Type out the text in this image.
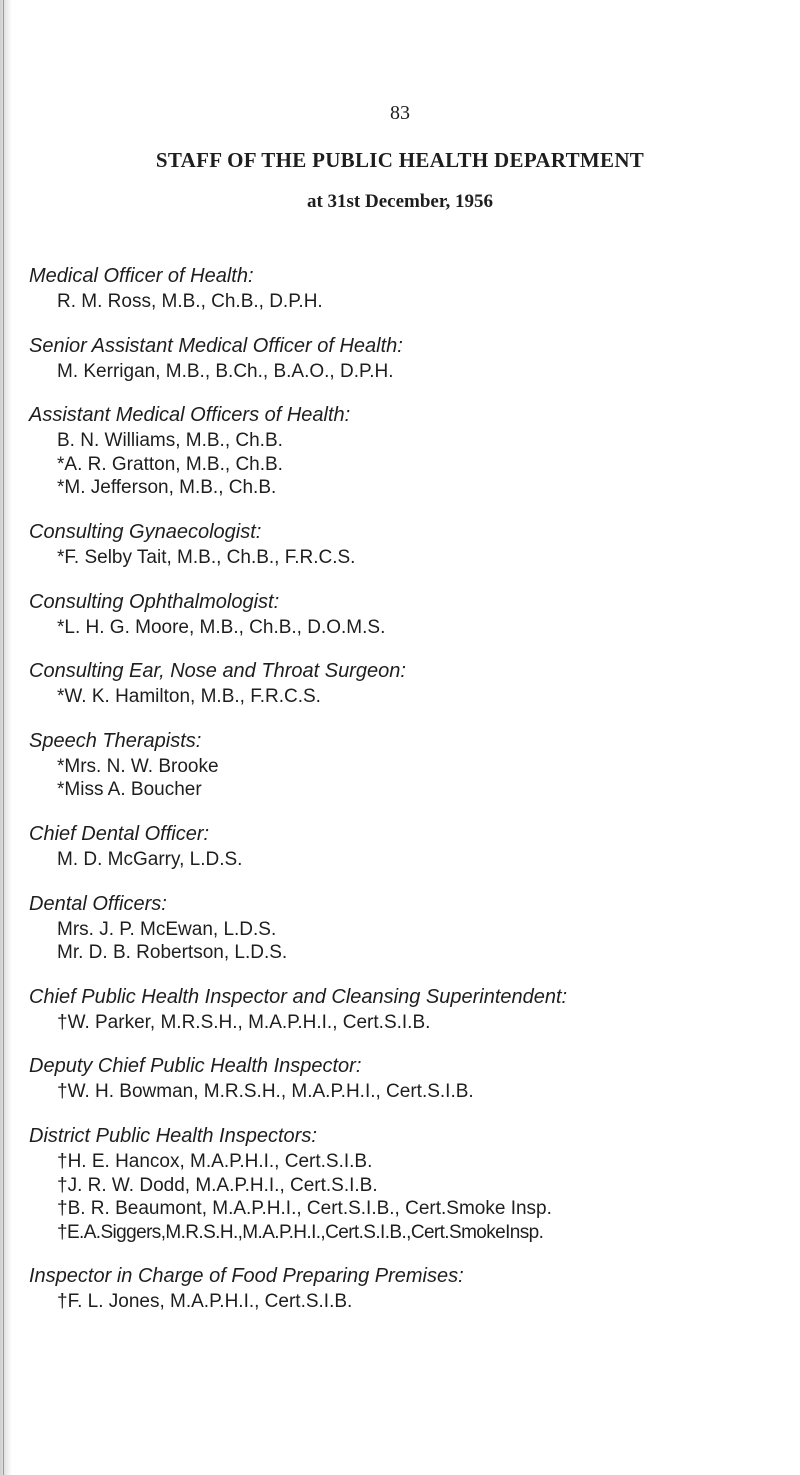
83
STAFF OF THE PUBLIC HEALTH DEPARTMENT
at 31st December, 1956
Medical Officer of Health:
R. M. Ross, M.B., Ch.B., D.P.H.
Senior Assistant Medical Officer of Health:
M. Kerrigan, M.B., B.Ch., B.A.O., D.P.H.
Assistant Medical Officers of Health:
B. N. Williams, M.B., Ch.B.
*A. R. Gratton, M.B., Ch.B.
*M. Jefferson, M.B., Ch.B.
Consulting Gynaecologist:
*F. Selby Tait, M.B., Ch.B., F.R.C.S.
Consulting Ophthalmologist:
*L. H. G. Moore, M.B., Ch.B., D.O.M.S.
Consulting Ear, Nose and Throat Surgeon:
*W. K. Hamilton, M.B., F.R.C.S.
Speech Therapists:
*Mrs. N. W. Brooke
*Miss A. Boucher
Chief Dental Officer:
M. D. McGarry, L.D.S.
Dental Officers:
Mrs. J. P. McEwan, L.D.S.
Mr. D. B. Robertson, L.D.S.
Chief Public Health Inspector and Cleansing Superintendent:
†W. Parker, M.R.S.H., M.A.P.H.I., Cert.S.I.B.
Deputy Chief Public Health Inspector:
†W. H. Bowman, M.R.S.H., M.A.P.H.I., Cert.S.I.B.
District Public Health Inspectors:
†H. E. Hancox, M.A.P.H.I., Cert.S.I.B.
†J. R. W. Dodd, M.A.P.H.I., Cert.S.I.B.
†B. R. Beaumont, M.A.P.H.I., Cert.S.I.B., Cert.Smoke Insp.
†E.A.Siggers,M.R.S.H.,M.A.P.H.I.,Cert.S.I.B.,Cert.SmokeInsp.
Inspector in Charge of Food Preparing Premises:
†F. L. Jones, M.A.P.H.I., Cert.S.I.B.
